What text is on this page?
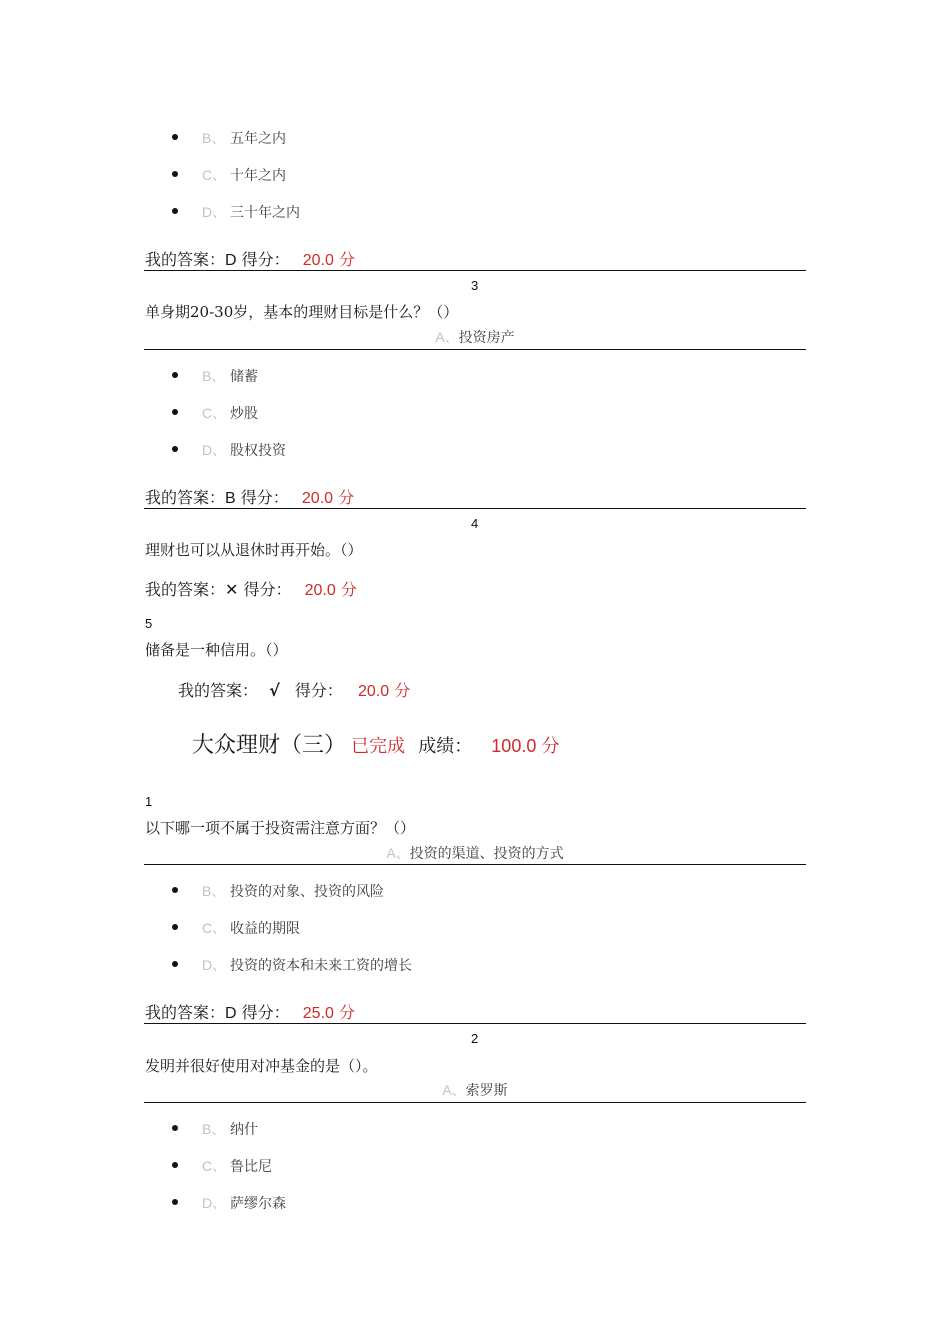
B、 五年之内
C、 十年之内
D、 三十年之内
我的答案：D 得分： 20.0 分
3
单身期20-30岁，基本的理财目标是什么？（）
A、投资房产
B、 储蓄
C、 炒股
D、 股权投资
我的答案：B 得分： 20.0 分
4
理财也可以从退休时再开始。（）
我的答案：✕ 得分： 20.0 分
5
储备是一种信用。（）
我的答案： √ 得分： 20.0 分
大众理财（三） 已完成 成绩： 100.0 分
1
以下哪一项不属于投资需注意方面？（）
A、投资的渠道、投资的方式
B、 投资的对象、投资的风险
C、 收益的期限
D、 投资的资本和未来工资的增长
我的答案：D 得分： 25.0 分
2
发明并很好使用对冲基金的是（）。
A、索罗斯
B、 纳什
C、 鲁比尼
D、 萨缪尔森
